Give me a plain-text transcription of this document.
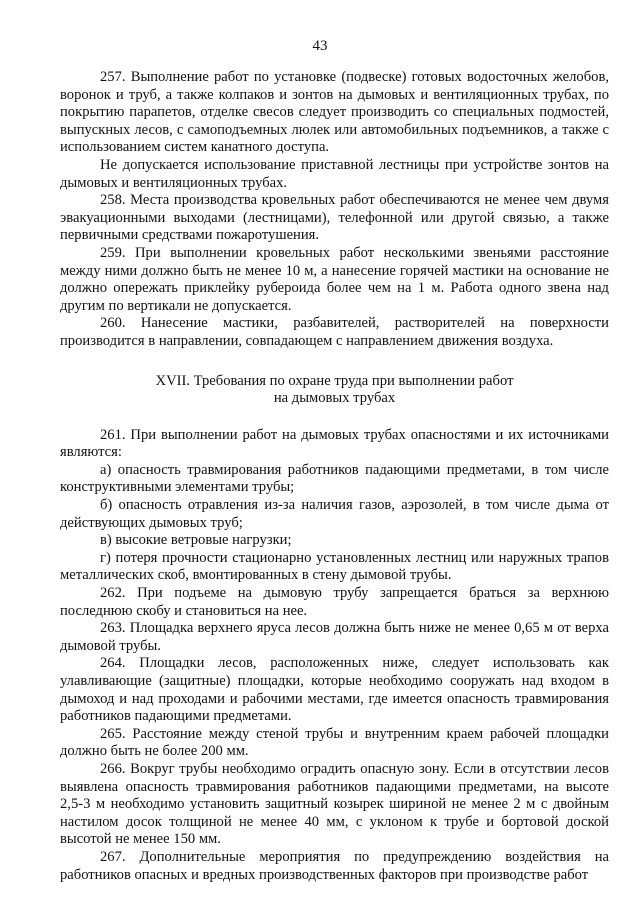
43

257. Выполнение работ по установке (подвеске) готовых водосточных желобов, воронок и труб, а также колпаков и зонтов на дымовых и вентиляционных трубах, по покрытию парапетов, отделке свесов следует производить со специальных подмостей, выпускных лесов, с самоподъемных люлек или автомобильных подъемников, а также с использованием систем канатного доступа.

Не допускается использование приставной лестницы при устройстве зонтов на дымовых и вентиляционных трубах.

258. Места производства кровельных работ обеспечиваются не менее чем двумя эвакуационными выходами (лестницами), телефонной или другой связью, а также первичными средствами пожаротушения.

259. При выполнении кровельных работ несколькими звеньями расстояние между ними должно быть не менее 10 м, а нанесение горячей мастики на основание не должно опережать приклейку рубероида более чем на 1 м. Работа одного звена над другим по вертикали не допускается.

260. Нанесение мастики, разбавителей, растворителей на поверхности производится в направлении, совпадающем с направлением движения воздуха.

XVII. Требования по охране труда при выполнении работ
на дымовых трубах

261. При выполнении работ на дымовых трубах опасностями и их источниками являются:

а) опасность травмирования работников падающими предметами, в том числе конструктивными элементами трубы;

б) опасность отравления из-за наличия газов, аэрозолей, в том числе дыма от действующих дымовых труб;

в) высокие ветровые нагрузки;

г) потеря прочности стационарно установленных лестниц или наружных трапов металлических скоб, вмонтированных в стену дымовой трубы.

262. При подъеме на дымовую трубу запрещается браться за верхнюю последнюю скобу и становиться на нее.

263. Площадка верхнего яруса лесов должна быть ниже не менее 0,65 м от верха дымовой трубы.

264. Площадки лесов, расположенных ниже, следует использовать как улавливающие (защитные) площадки, которые необходимо сооружать над входом в дымоход и над проходами и рабочими местами, где имеется опасность травмирования работников падающими предметами.

265. Расстояние между стеной трубы и внутренним краем рабочей площадки должно быть не более 200 мм.

266. Вокруг трубы необходимо оградить опасную зону. Если в отсутствии лесов выявлена опасность травмирования работников падающими предметами, на высоте 2,5-3 м необходимо установить защитный козырек шириной не менее 2 м с двойным настилом досок толщиной не менее 40 мм, с уклоном к трубе и бортовой доской высотой не менее 150 мм.

267. Дополнительные мероприятия по предупреждению воздействия на работников опасных и вредных производственных факторов при производстве работ
